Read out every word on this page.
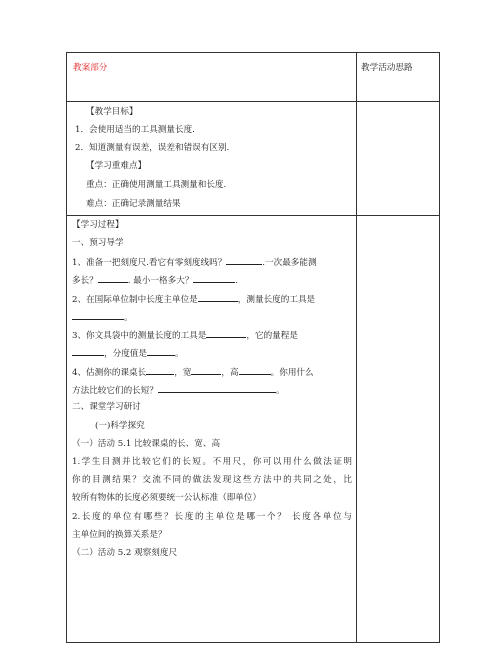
教案部分	教学活动思路
【教学目标】
1．会使用适当的工具测量长度.
2．知道测量有误差，误差和错误有区别.
【学习重难点】
重点：正确使用测量工具测量和长度.
难点：正确记录测量结果
【学习过程】
一、预习导学
1、准备一把刻度尺.看它有零刻度线吗？	.一次最多能测
多长？	. 最小一格多大？	.
2、在国际单位制中长度主单位是	，测量长度的工具是
。
3、你文具袋中的测量长度的工具是	，它的量程是
，分度值是	。
4、估测你的课桌长	，宽	，高	。你用什么
方法比较它们的长短？	。
二、课堂学习研讨
(一)科学探究
（一）活动 5.1 比较课桌的长、宽、高
1.学生目测并比较它们的长短。不用尺，你可以用什么做法证明
你的目测结果？交流不同的做法发现这些方法中的共同之处，比
较所有物体的长度必须要统一公认标准（即单位）
2.长度的单位有哪些？长度的主单位是哪一个？ 长度各单位与
主单位间的换算关系是？
（二）活动 5.2 观察刻度尺
